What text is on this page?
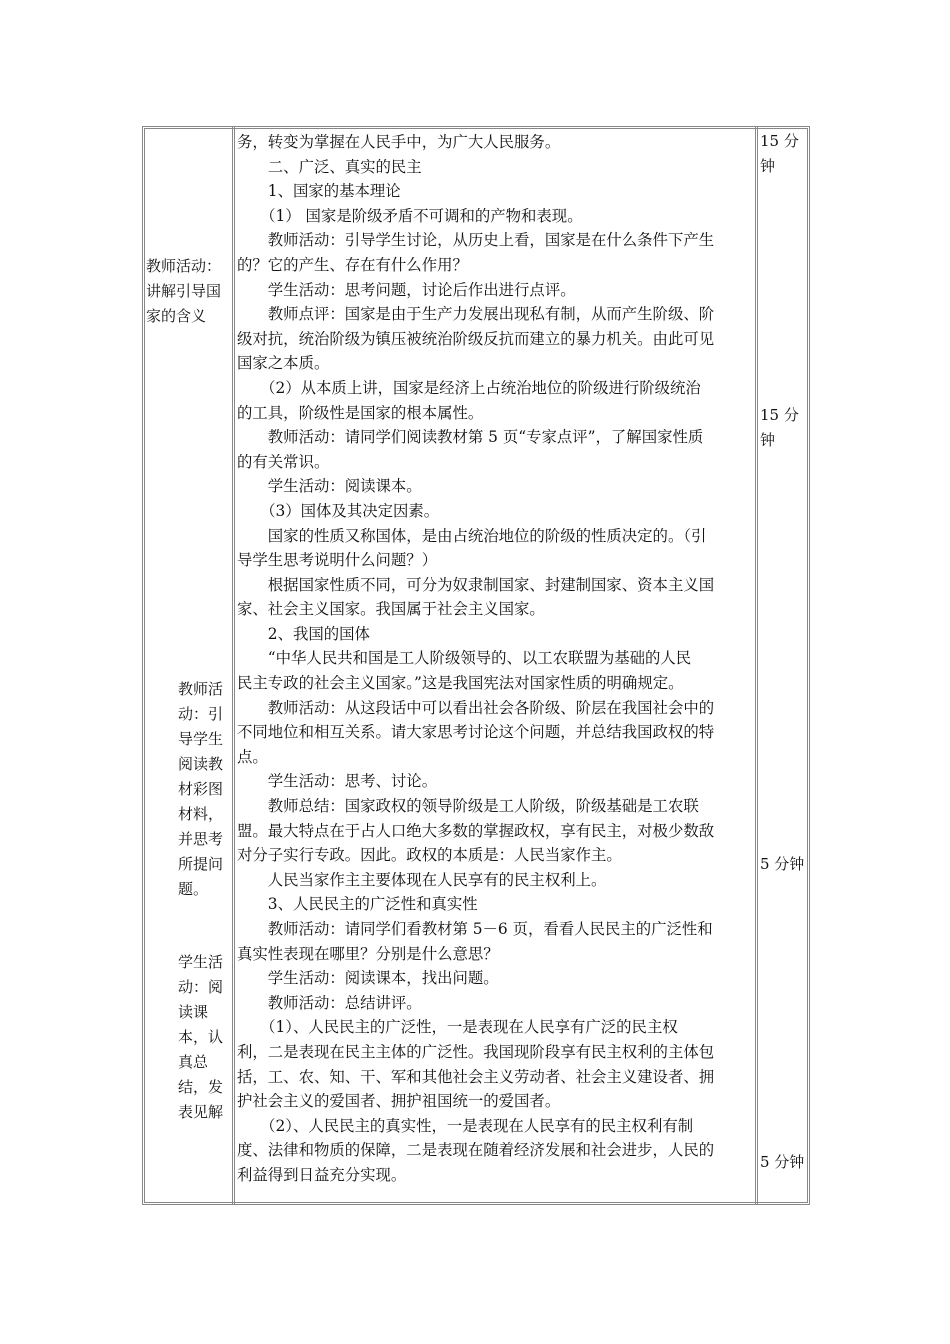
教师活动：
讲解引导国
家的含义
教师活
动：引
导学生
阅读教
材彩图
材料，
并思考
所提问
题。
学生活
动：阅
读课
本，认
真总
结，发
表见解
务，转变为掌握在人民手中，为广大人民服务。
　　二、广泛、真实的民主
　　1、国家的基本理论
　　（1） 国家是阶级矛盾不可调和的产物和表现。
　　教师活动：引导学生讨论，从历史上看，国家是在什么条件下产生
的？它的产生、存在有什么作用？
　　学生活动：思考问题，讨论后作出进行点评。
　　教师点评：国家是由于生产力发展出现私有制，从而产生阶级、阶
级对抗，统治阶级为镇压被统治阶级反抗而建立的暴力机关。由此可见
国家之本质。
　　（2）从本质上讲，国家是经济上占统治地位的阶级进行阶级统治
的工具，阶级性是国家的根本属性。
　　教师活动：请同学们阅读教材第 5 页“专家点评”，了解国家性质
的有关常识。
　　学生活动：阅读课本。
　　（3）国体及其决定因素。
　　国家的性质又称国体，是由占统治地位的阶级的性质决定的。（引
导学生思考说明什么问题？）
　　根据国家性质不同，可分为奴隶制国家、封建制国家、资本主义国
家、社会主义国家。我国属于社会主义国家。
　　2、我国的国体
　　“中华人民共和国是工人阶级领导的、以工农联盟为基础的人民
民主专政的社会主义国家。”这是我国宪法对国家性质的明确规定。
　　教师活动：从这段话中可以看出社会各阶级、阶层在我国社会中的
不同地位和相互关系。请大家思考讨论这个问题，并总结我国政权的特
点。
　　学生活动：思考、讨论。
　　教师总结：国家政权的领导阶级是工人阶级，阶级基础是工农联
盟。最大特点在于占人口绝大多数的掌握政权，享有民主，对极少数敌
对分子实行专政。因此。政权的本质是：人民当家作主。
　　人民当家作主主要体现在人民享有的民主权利上。
　　3、人民民主的广泛性和真实性
　　教师活动：请同学们看教材第 5－6 页，看看人民民主的广泛性和
真实性表现在哪里？分别是什么意思？
　　学生活动：阅读课本，找出问题。
　　教师活动：总结讲评。
　　（1）、人民民主的广泛性，一是表现在人民享有广泛的民主权
利，二是表现在民主主体的广泛性。我国现阶段享有民主权利的主体包
括，工、农、知、干、军和其他社会主义劳动者、社会主义建设者、拥
护社会主义的爱国者、拥护祖国统一的爱国者。
　　（2）、人民民主的真实性，一是表现在人民享有的民主权利有制
度、法律和物质的保障，二是表现在随着经济发展和社会进步，人民的
利益得到日益充分实现。
15 分
钟
15 分
钟
5 分钟
5 分钟
